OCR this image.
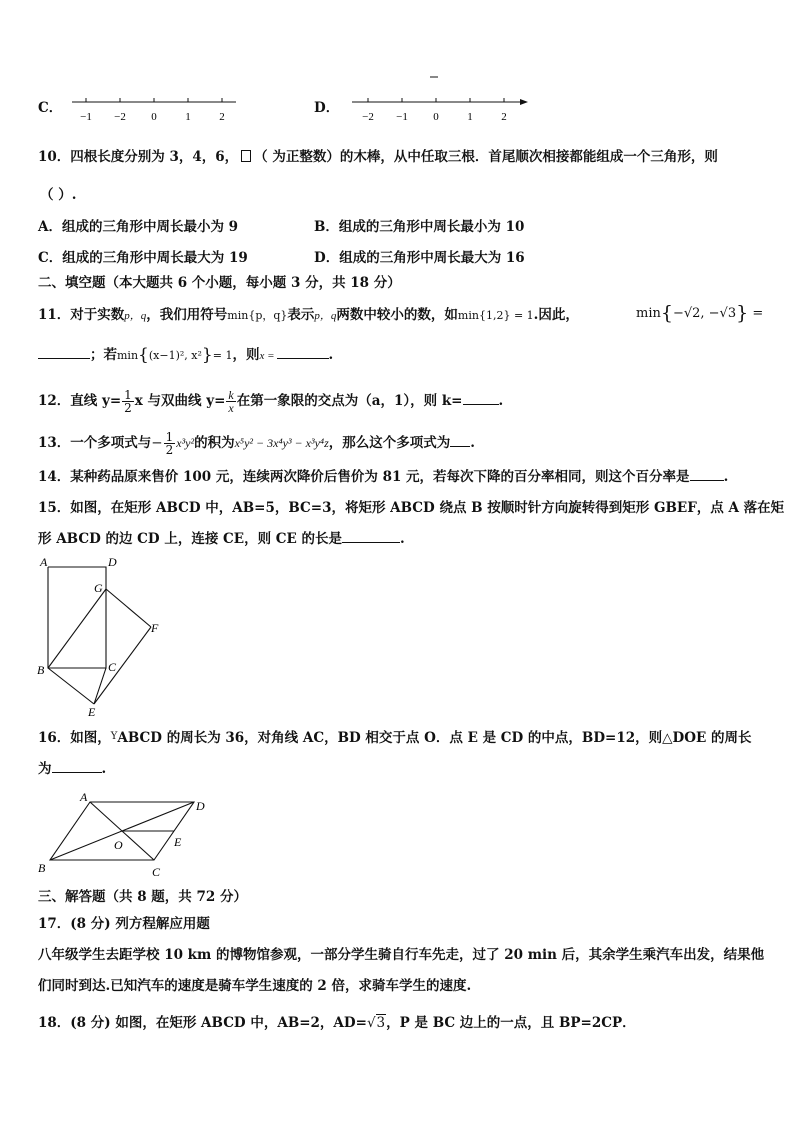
C．
−1 −2 0	1	2
D．
−2 −1 0	1	2
10．四根长度分别为 3，4，6， （ 为正整数）的木棒，从中任取三根．首尾顺次相接都能组成一个三角形，则
（ ）.
A．组成的三角形中周长最小为 9	B．组成的三角形中周长最小为 10
C．组成的三角形中周长最大为 19	D．组成的三角形中周长最大为 16
二、填空题（本大题共 6 个小题，每小题 3 分，共 18 分）
11．对于实数p，q，我们用符号min{p，q}表示p，q两数中较小的数，如min{1,2} = 1.因此，	min{−√2, −√3} =
；若min{(x−1)², x²}= 1，则x =	.
12．直线 $y= \frac{1}{2}$ x 与双曲线 $y= \frac{k}{x}$ 在第一象限的交点为（a，1），则 k=	.
13．一个多项式与− $\frac{1}{2} x^3y^2$的积为x⁵y² − 3x⁴y³ − x³y⁴z，那么这个多项式为 .
14．某种药品原来售价 100 元，连续两次降价后售价为 81 元，若每次下降的百分率相同，则这个百分率是	.
15．如图，在矩形 ABCD 中，AB=5，BC=3，将矩形 ABCD 绕点 B 按顺时针方向旋转得到矩形 GBEF，点 A 落在矩
形 ABCD 的边 CD 上，连接 CE，则 CE 的长是	.
A	D
G
F
B	C
E
16．如图，$^Y$ABCD 的周长为 36，对角线 AC，BD 相交于点 O．点 E 是 CD 的中点，BD=12，则△DOE 的周长
为	.
A
D
O	E
B	C
三、解答题（共 8 题，共 72 分）
17．(8 分) 列方程解应用题
八年级学生去距学校 10 km 的博物馆参观，一部分学生骑自行车先走，过了 20 min 后，其余学生乘汽车出发，结果他
们同时到达.已知汽车的速度是骑车学生速度的 2 倍，求骑车学生的速度.
18．(8 分) 如图，在矩形 ABCD 中，AB=2，AD=√3，P 是 BC 边上的一点，且 BP=2CP．
